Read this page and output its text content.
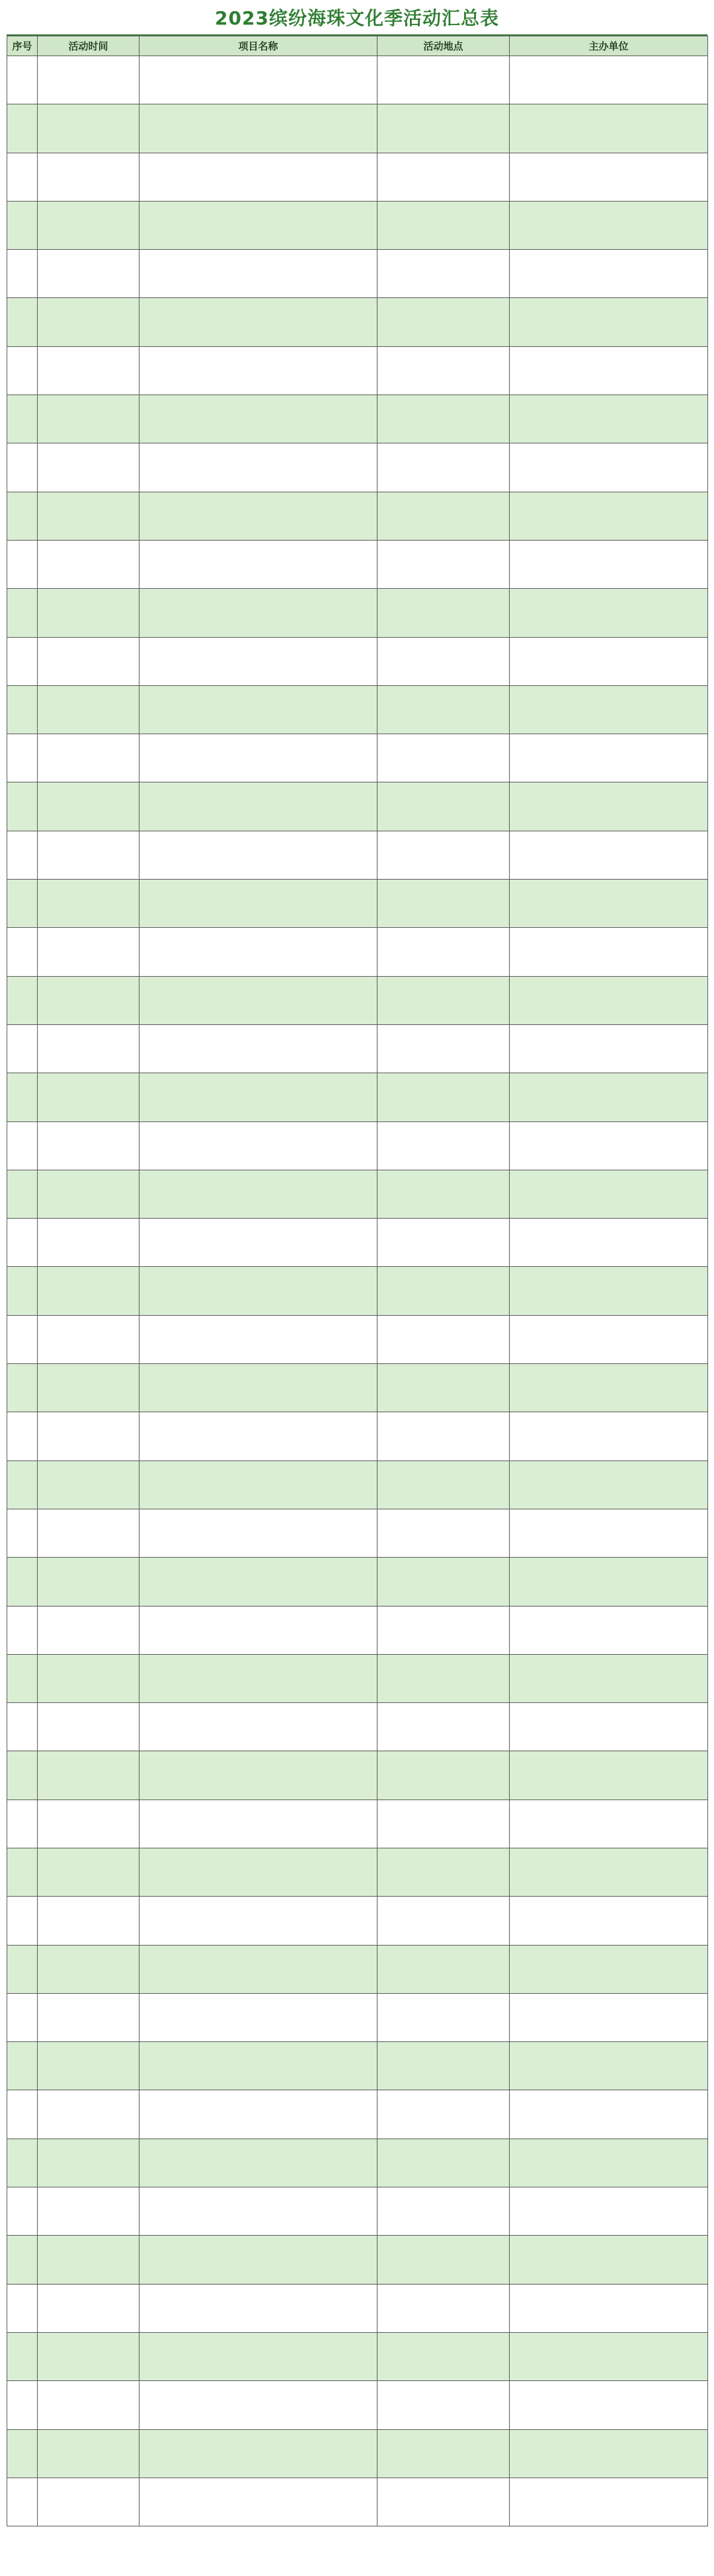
2023缤纷海珠文化季活动汇总表
序号	活动时间	项目名称	活动地点	主办单位
